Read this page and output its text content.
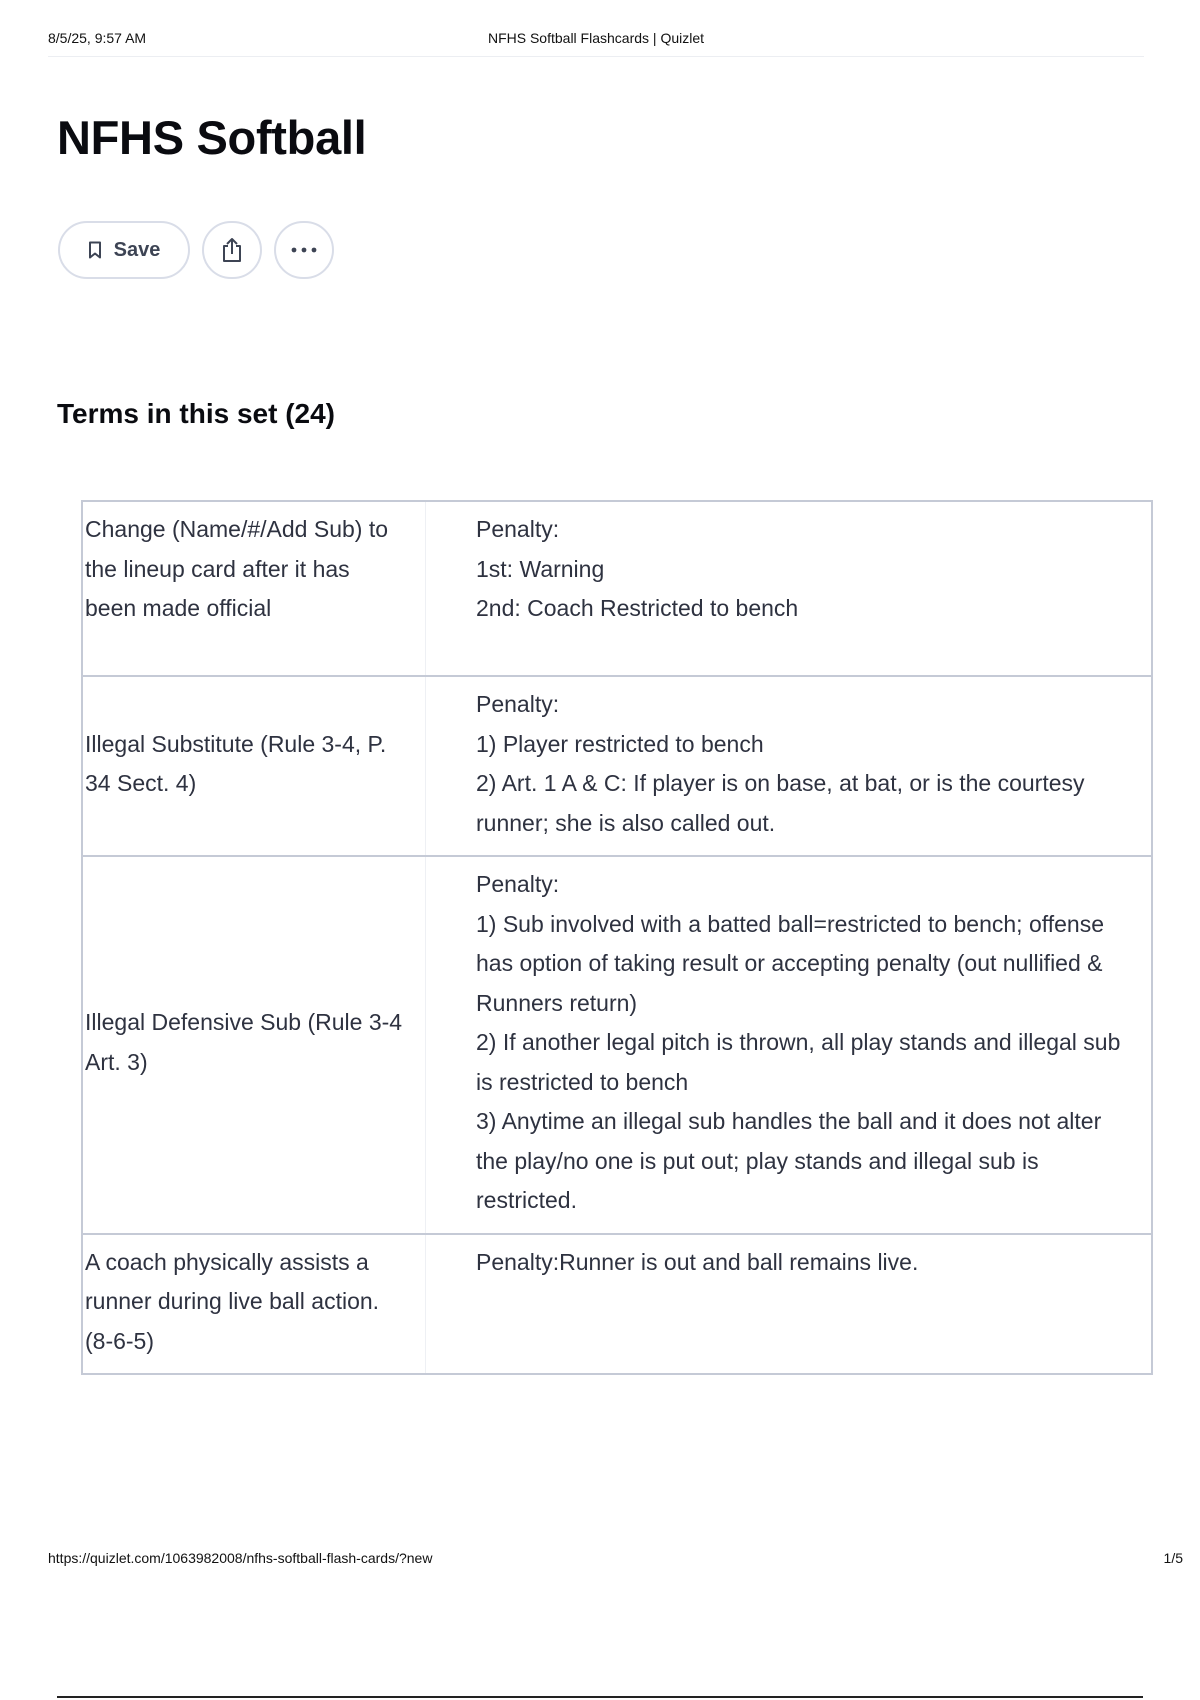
8/5/25, 9:57 AM	NFHS Softball Flashcards | Quizlet
NFHS Softball
Save
Terms in this set (24)
Change (Name/#/Add Sub) to the lineup card after it has been made official	Penalty:
1st: Warning
2nd: Coach Restricted to bench

Illegal Substitute (Rule 3-4, P. 34 Sect. 4)	Penalty:
1) Player restricted to bench
2) Art. 1 A & C: If player is on base, at bat, or is the courtesy runner; she is also called out.

Illegal Defensive Sub (Rule 3-4 Art. 3)	Penalty:
1) Sub involved with a batted ball=restricted to bench; offense has option of taking result or accepting penalty (out nullified & Runners return)
2) If another legal pitch is thrown, all play stands and illegal sub is restricted to bench
3) Anytime an illegal sub handles the ball and it does not alter the play/no one is put out; play stands and illegal sub is restricted.

A coach physically assists a runner during live ball action. (8-6-5)	Penalty:Runner is out and ball remains live.
https://quizlet.com/1063982008/nfhs-softball-flash-cards/?new	1/5
